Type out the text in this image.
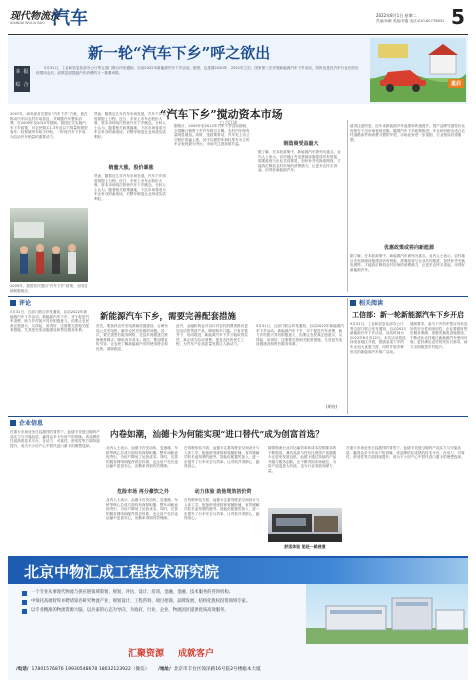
现代物流报
XIANDAI WULIU BAO 汽车	2022年8月1日 星期二
责编/孙鹏 美编/李鑫 电话:010-60776831 5
新一轮“汽车下乡”呼之欲出
本 报
综 合
5月31日，工业和信息化部办公厅等五部门联合印发通知，启动2022年新能源汽车下乡活动。据悉，这是继2020年、2021年之后，国家第三次开展新能源汽车下乡活动，同时也是在汽车行业在经历疫情冲击后，政策层面提振汽车消费的又一重要举措。
重启
“汽车下乡”搅动资本市场
□ 吕江涛
2009年，我国首次提出“汽车下乡”政策，全国各地积极响应。
2007年，商务部首次提出“汽车下乡”方案，意在推动汽车向农村市场普及，并刺激汽车整体消费。在2009年至2010年期间，我国正式实施汽车下乡政策，对农民购买1.3升及以下排量的微型客车、轻型载货车给予补贴，一时间汽车下乡成为拉动汽车销量的重要动力。
然而，随着近几年汽车市场发展，汽车下乡再度被提上日程。近日，多家上市车企股价大涨，资本市场再次热炒汽车下乡概念。分析人士认为，随着相关政策落地，下沉市场将成为车企争夺的新战场，对整车制造企业形成实质利好。
销量大涨，股价暴涨
然而，随着近几年汽车市场发展，汽车下乡再度被提上日程。近日，多家上市车企股价大涨，资本市场再次热炒汽车下乡概念。分析人士认为，随着相关政策落地，下沉市场将成为车企争夺的新战场，对整车制造企业形成实质利好。
据统计，2009年至2012年汽车下乡活动期间，全国累计销售下乡汽车数百万辆，农村汽车保有量明显增加。同时，受政策带动，汽车类上市公司股价普遍上涨，其中以微型车和轻型车为主的车企表现最为突出，市场关注度持续升温。	制造商受益最大
据了解，在本轮政策中，新能源汽车被列为重点。业内人士表示，农村地区充电基础设施建设仍有短板，需要政府与企业共同推进，加快补齐充换电网络，才能真正释放农村市场的消费潜力，让更多农民买得起、用得好新能源汽车。
优惠政策或将向新能源
值得注意的是，近年来新能源汽车渗透率快速提升，国产品牌凭借性价比优势在下沉市场表现亮眼。随着汽车下乡政策推进，车企纷纷推出适合农村道路条件和消费习惯的车型，市场竞争进一步加剧，行业格局有望重塑。
据了解，在本轮政策中，新能源汽车被列为重点。业内人士表示，农村地区充电基础设施建设仍有短板，需要政府与企业共同推进，加快补齐充换电网络，才能真正释放农村市场的消费潜力，让更多农民买得起、用得好新能源汽车。
评论
新能源汽车下乡，需要完善配套措施
5月31日，五部门联合印发通知，启动2022年新能源汽车下乡活动。新能源汽车下乡，对于促进汽车消费、助力乡村振兴具有积极意义，但要让农民真正愿意买、买得起、用得好，还需要完善相关配套措施，尤其是充电设施建设和售后服务体系。
首先，要加快农村充电基础设施建设，合理布局公共充电桩，解决农民充电难的问题。其次，要完善售后服务网络，在县乡两级建立维修保养网点，降低用车成本。再次，要加强宣传引导，让农民了解新能源汽车的使用特点和优势，消除顾虑。
此外，金融机构也可以针对农村消费者推出更加灵活的贷款产品，降低购车门槛。只有多管齐下、协同推进，新能源汽车下乡才能取得实效，真正成为拉动消费、惠及农民的民生工程，为汽车产业高质量发展注入新动力。
5月31日，五部门联合印发通知，启动2022年新能源汽车下乡活动。新能源汽车下乡，对于促进汽车消费、助力乡村振兴具有积极意义，但要让农民真正愿意买、买得起、用得好，还需要完善相关配套措施，尤其是充电设施建设和售后服务体系。
(胡亮)
相关阅读
工信部：新一轮新能源汽车下乡开启
5月31日，工业和信息化部办公厅等五部门联合发布通知，启动2022新能源汽车下乡活动，活动时间为2022年6月至12月。本次活动将选择适宜地区开展，鼓励参加下乡的车企加大优惠力度，同时开展多种形式的新能源汽车推广活动。
通知要求，参与下乡的车型应具有良好的安全性和适用性，企业要做好售后服务保障，加强充换电设施建设，不断优化农村地区新能源汽车使用环境，更好满足农村居民出行需求，助力全面推进乡村振兴。
企业信息
内卷如潮，汕德卡为何能实现“进口替代”成为创富首选？
在重卡市场竞争日趋激烈的背景下，汕德卡凭借过硬的产品实力与可靠品质，赢得众多卡车用户的青睐。该品牌依托成熟的技术平台，在动力、可靠性、舒适性等方面持续提升，成为不少用户心中替代进口重卡的理想选择。
业内人士表示，汕德卡在发动机、变速箱、车桥等核心总成方面均有深厚积累，整车油耗表现突出，为用户降低了运营成本。同时，完善的服务网络和配件供应体系，也让用户在长途运输中更加安心，出勤率得到有效保障。
危险市场 再分豪饮之外
业内人士表示，汕德卡在发动机、变速箱、车桥等核心总成方面均有深厚积累，整车油耗表现突出，为用户降低了运营成本。同时，完善的服务网络和配件供应体系，也让用户在长途运输中更加安心，出勤率得到有效保障。
在驾驶体验方面，汕德卡注重驾驶室空间设计与人体工学，配备舒适座椅和宽敞卧铺，有效缓解司机长途驾驶的疲劳。智能化配置的加入，进一步提升了行车安全与效率，让司机开得舒心、跑得放心。
动力体验 助他驾效初价资
在驾驶体验方面，汕德卡注重驾驶室空间设计与人体工学，配备舒适座椅和宽敞卧铺，有效缓解司机长途驾驶的疲劳。智能化配置的加入，进一步提升了行车安全与效率，让司机开得舒心、跑得放心。
随着物流行业对运输效率和成本控制要求的不断提高，兼具品质与性价比的国产高端重卡正迎来发展良机。汕德卡通过持续的产品升级与服务创新，正不断巩固市场地位，为用户创造更大价值，也为行业发展贡献力量。
在重卡市场竞争日趋激烈的背景下，汕德卡凭借过硬的产品实力与可靠品质，赢得众多卡车用户的青睐。该品牌依托成熟的技术平台，在动力、可靠性、舒适性等方面持续提升，成为不少用户心中替代进口重卡的理想选择。
舒适体验 驱赶一路疲惫
北京中物汇成工程技术研究院
一个专业从事现代物流与供应链领域策划、规划、评估、设计、培训、金融、金融、技术服务的咨询机构。
中领托高端智库并聘请知名研究物流产业、规划设计、工程咨询、项目招商、品牌发展、结构化股权投资领域专家。
以专业精准的物流资源大脑，以兵家的心态为导向，为政府、行业、企业、物流园区提供优质高效服务。
汇聚资源 成就客户
/电话/ 17801576876 19930548678 18032123922（微信） /地址/ 北京市丰台区领泽路16号院2号楼総本大厦
